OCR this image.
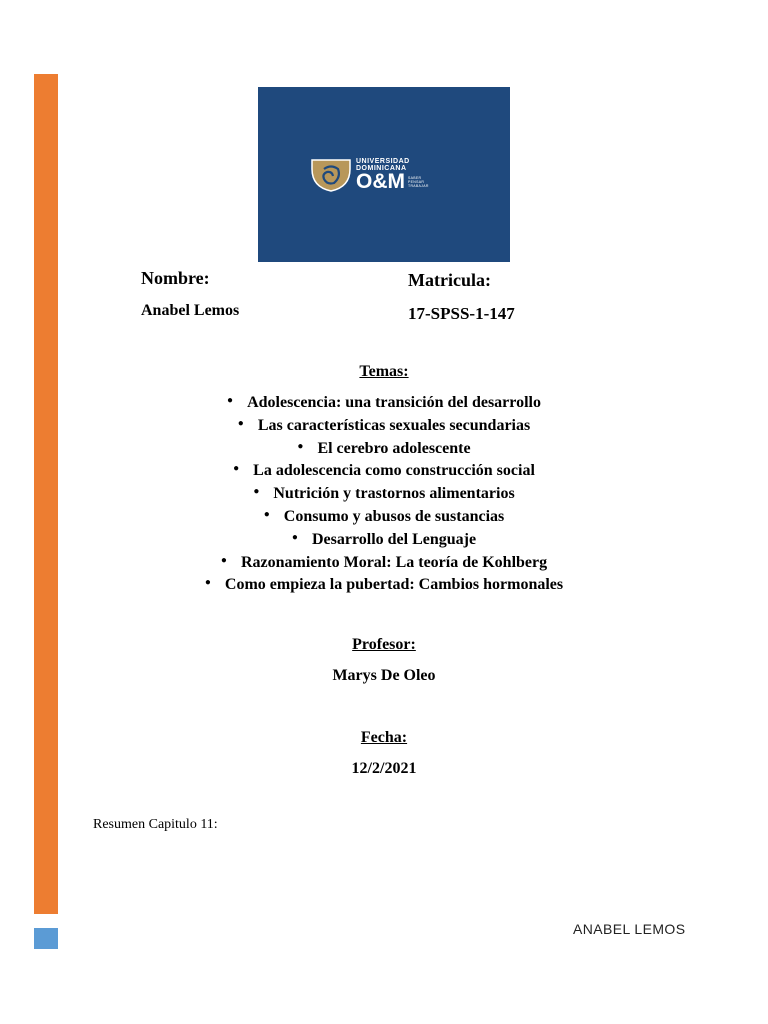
UNIVERSIDAD
DOMINICANA
O&M SABER
PENSAR
TRABAJAR
Nombre:	Matricula:
Anabel Lemos	17-SPSS-1-147
Temas:
● Adolescencia: una transición del desarrollo
● Las características sexuales secundarias
● El cerebro adolescente
● La adolescencia como construcción social
● Nutrición y trastornos alimentarios
● Consumo y abusos de sustancias
● Desarrollo del Lenguaje
● Razonamiento Moral: La teoría de Kohlberg
● Como empieza la pubertad: Cambios hormonales
Profesor:
Marys De Oleo
Fecha:
12/2/2021
Resumen Capitulo 11:
ANABEL LEMOS
